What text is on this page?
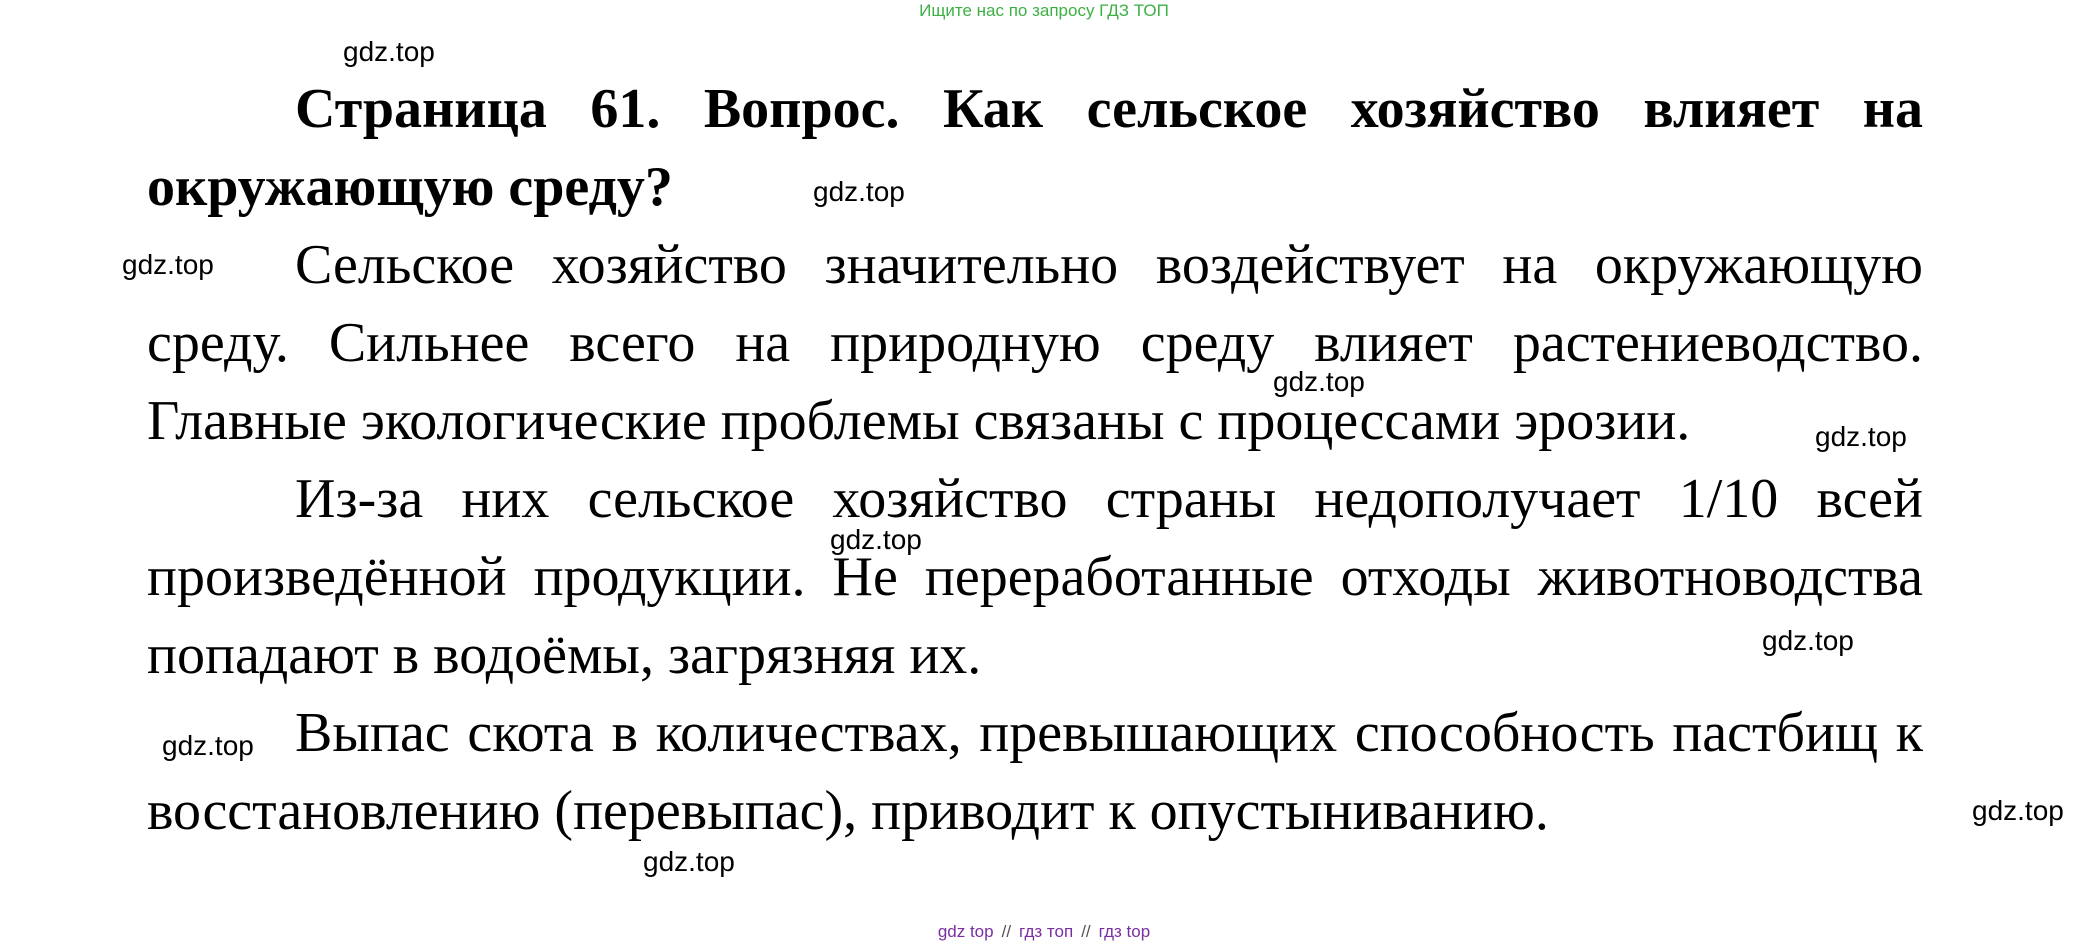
Ищите нас по запросу ГДЗ ТОП

Страница 61. Вопрос. Как сельское хозяйство влияет на окружающую среду?

Сельское хозяйство значительно воздействует на окружающую среду. Сильнее всего на природную среду влияет растениеводство. Главные экологические проблемы связаны с процессами эрозии.

Из-за них сельское хозяйство страны недополучает 1/10 всей произведённой продукции. Не переработанные отходы животноводства попадают в водоёмы, загрязняя их.

Выпас скота в количествах, превышающих способность пастбищ к восстановлению (перевыпас), приводит к опустыниванию.

gdz.top
gdz.top
gdz.top
gdz.top
gdz.top
gdz.top
gdz.top
gdz.top
gdz.top
gdz.top
gdz top // гдз топ // гдз top
